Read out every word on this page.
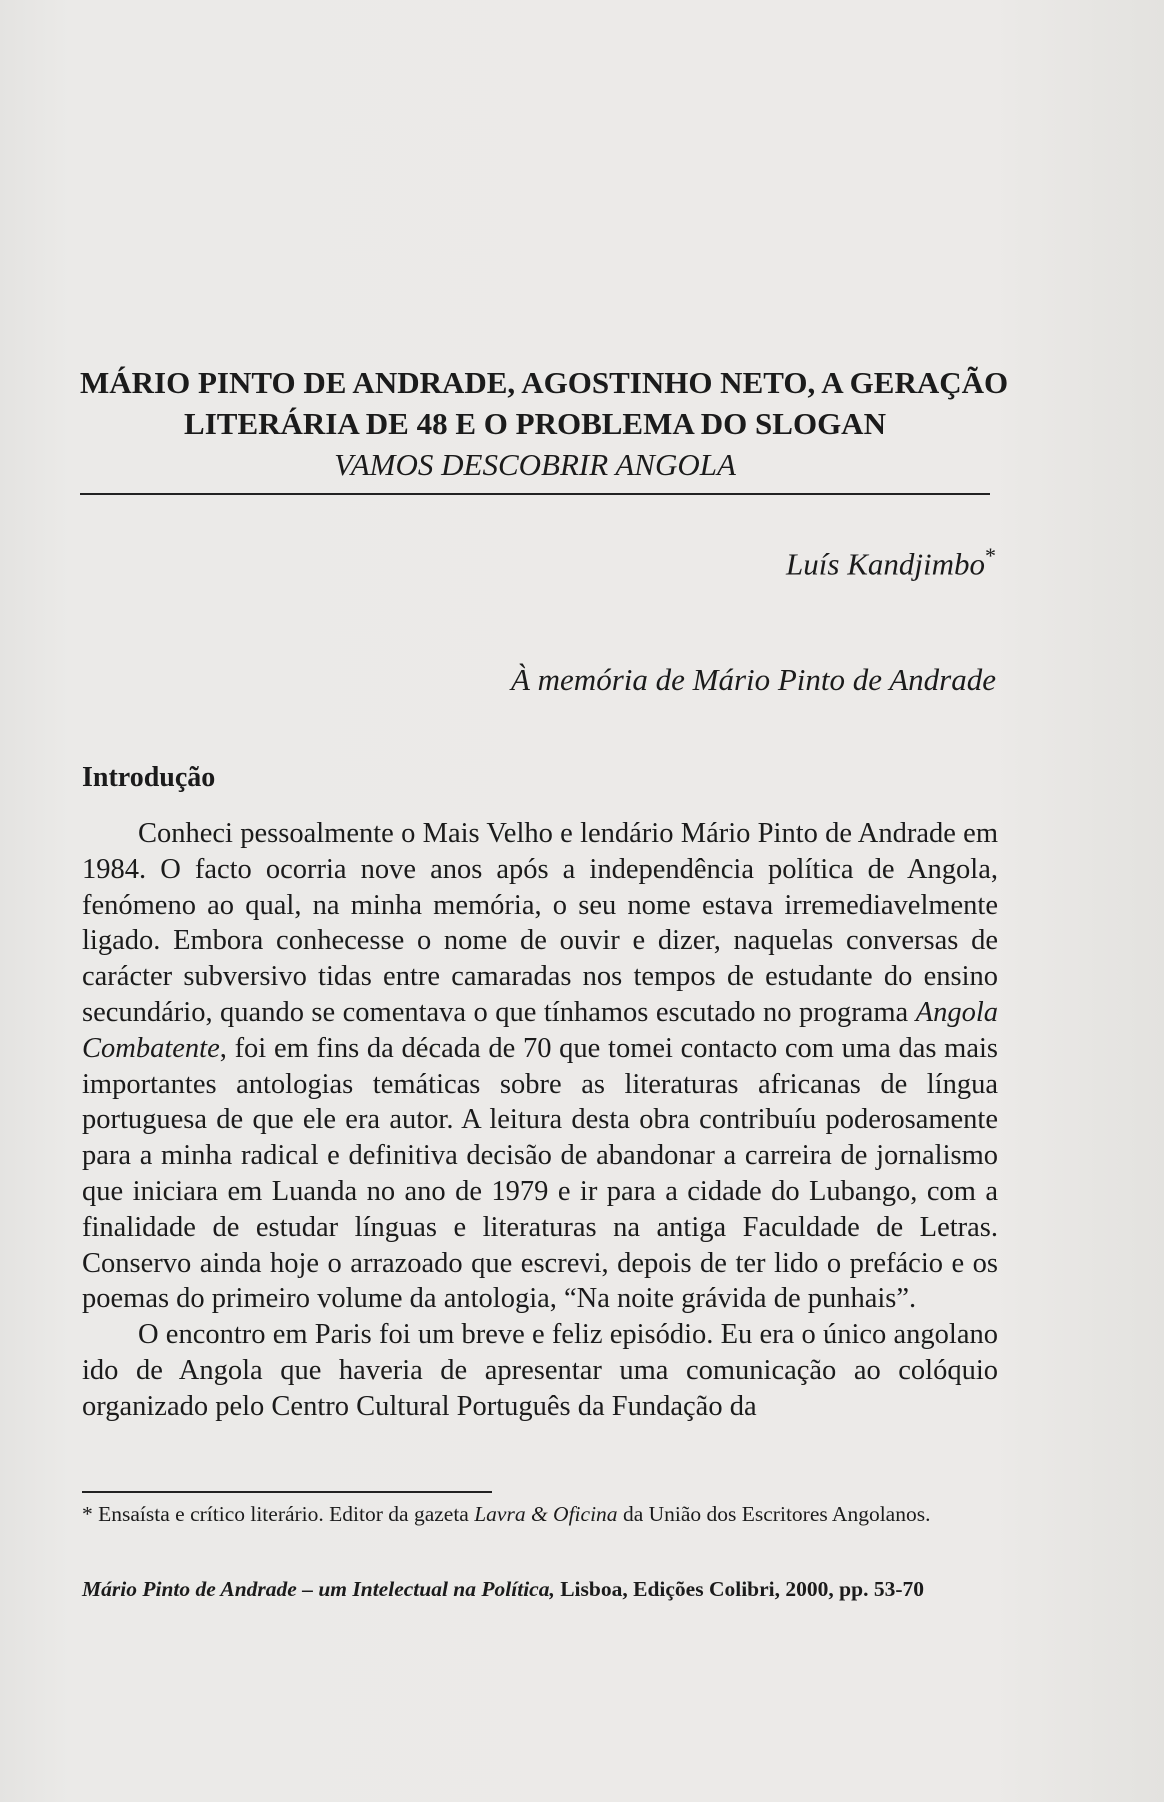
MÁRIO PINTO DE ANDRADE, AGOSTINHO NETO, A GERAÇÃO
LITERÁRIA DE 48 E O PROBLEMA DO SLOGAN
VAMOS DESCOBRIR ANGOLA
Luís Kandjimbo*
À memória de Mário Pinto de Andrade
Introdução

Conheci pessoalmente o Mais Velho e lendário Mário Pinto de Andrade em 1984. O facto ocorria nove anos após a independência política de Angola, fenómeno ao qual, na minha memória, o seu nome estava irremediavelmente ligado. Embora conhecesse o nome de ouvir e dizer, naquelas conversas de carácter subversivo tidas entre camaradas nos tempos de estudante do ensino secundário, quando se comentava o que tínhamos escutado no programa Angola Combatente, foi em fins da década de 70 que tomei contacto com uma das mais importantes antologias temáticas sobre as literaturas africanas de língua portuguesa de que ele era autor. A leitura desta obra contribuíu poderosamente para a minha radical e definitiva decisão de abandonar a carreira de jornalismo que iniciara em Luanda no ano de 1979 e ir para a cidade do Lubango, com a finalidade de estudar línguas e literaturas na antiga Faculdade de Letras. Conservo ainda hoje o arrazoado que escrevi, depois de ter lido o prefácio e os poemas do primeiro volume da antologia, “Na noite grávida de punhais”.

O encontro em Paris foi um breve e feliz episódio. Eu era o único angolano ido de Angola que haveria de apresentar uma comunicação ao colóquio organizado pelo Centro Cultural Português da Fundação da

* Ensaísta e crítico literário. Editor da gazeta Lavra & Oficina da União dos Escritores Angolanos.
Mário Pinto de Andrade – um Intelectual na Política, Lisboa, Edições Colibri, 2000, pp. 53-70
